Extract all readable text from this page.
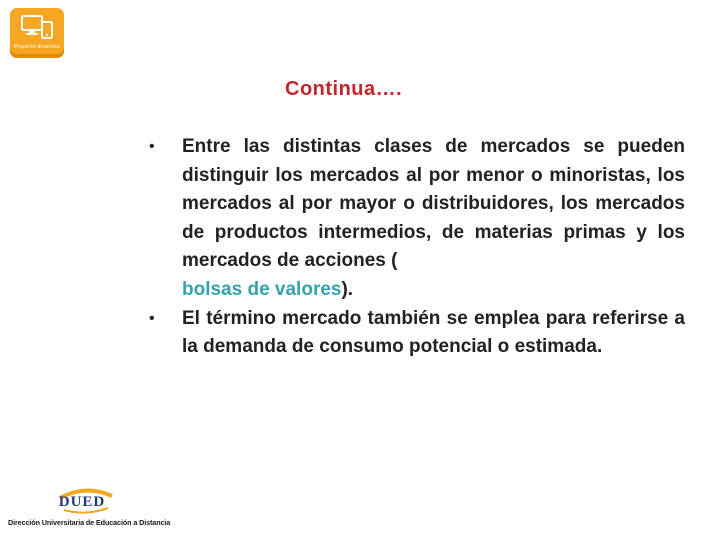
Proyecto dinámico
Continua….
• Entre las distintas clases de mercados se pueden distinguir los mercados al por menor o minoristas, los mercados al por mayor o distribuidores, los mercados de productos intermedios, de materias primas y los mercados de acciones (
bolsas de valores).
• El término mercado también se emplea para referirse a la demanda de consumo potencial o estimada.
DUED
Dirección Universitaria de Educación a Distancia
